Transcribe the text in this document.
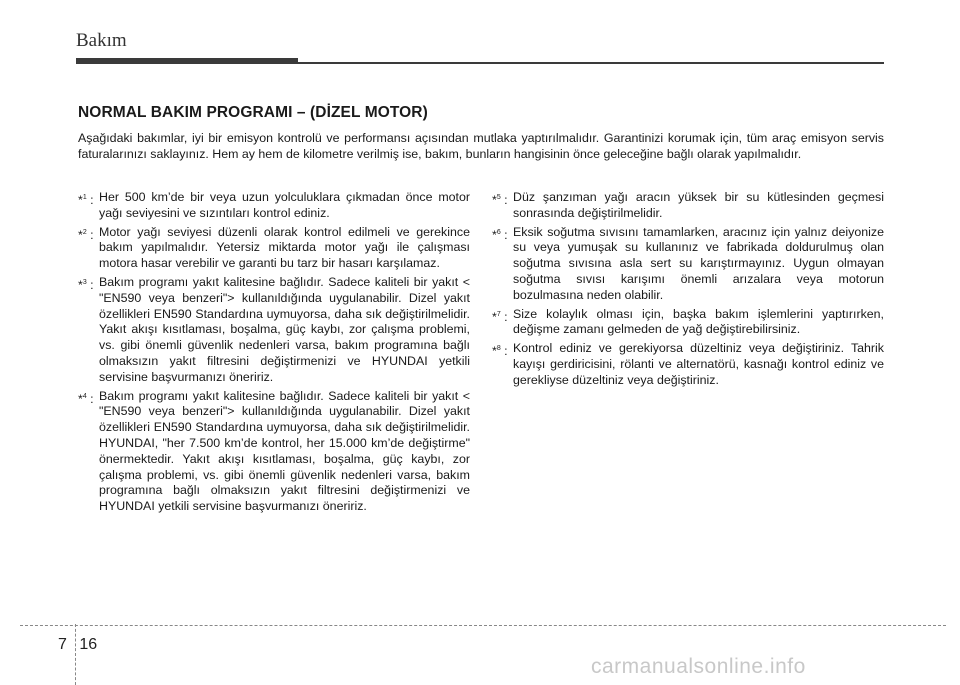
Bakım
NORMAL BAKIM PROGRAMI – (DİZEL MOTOR)
Aşağıdaki bakımlar, iyi bir emisyon kontrolü ve performansı açısından mutlaka yaptırılmalıdır. Garantinizi korumak için, tüm araç emisyon servis faturalarınızı saklayınız. Hem ay hem de kilometre verilmiş ise, bakım, bunların hangisinin önce geleceğine bağlı olarak yapılmalıdır.
*$^1$ : Her 500 km’de bir veya uzun yolculuklara çıkmadan önce motor yağı seviyesini ve sızıntıları kontrol ediniz.
*$^2$ : Motor yağı seviyesi düzenli olarak kontrol edilmeli ve gerekince bakım yapılmalıdır. Yetersiz miktarda motor yağı ile çalışması motora hasar verebilir ve garanti bu tarz bir hasarı karşılamaz.
*$^3$ : Bakım programı yakıt kalitesine bağlıdır. Sadece kaliteli bir yakıt < "EN590 veya benzeri"> kullanıldığında uygulanabilir. Dizel yakıt özellikleri EN590 Standardına uymuyorsa, daha sık değiştirilmelidir. Yakıt akışı kısıtlaması, boşalma, güç kaybı, zor çalışma problemi, vs. gibi önemli güvenlik nedenleri varsa, bakım programına bağlı olmaksızın yakıt filtresini değiştirmenizi ve HYUNDAI yetkili servisine başvurmanızı öneririz.
*$^4$ : Bakım programı yakıt kalitesine bağlıdır. Sadece kaliteli bir yakıt < "EN590 veya benzeri"> kullanıldığında uygulanabilir. Dizel yakıt özellikleri EN590 Standardına uymuyorsa, daha sık değiştirilmelidir. HYUNDAI, "her 7.500 km’de kontrol, her 15.000 km’de değiştirme" önermektedir. Yakıt akışı kısıtlaması, boşalma, güç kaybı, zor çalışma problemi, vs. gibi önemli güvenlik nedenleri varsa, bakım programına bağlı olmaksızın yakıt filtresini değiştirmenizi ve HYUNDAI yetkili servisine başvurmanızı öneririz.
*$^5$ : Düz şanzıman yağı aracın yüksek bir su kütlesinden geçmesi sonrasında değiştirilmelidir.
*$^6$ : Eksik soğutma sıvısını tamamlarken, aracınız için yalnız deiyonize su veya yumuşak su kullanınız ve fabrikada doldurulmuş olan soğutma sıvısına asla sert su karıştırmayınız. Uygun olmayan soğutma sıvısı karışımı önemli arızalara veya motorun bozulmasına neden olabilir.
*$^7$ : Size kolaylık olması için, başka bakım işlemlerini yaptırırken, değişme zamanı gelmeden de yağ değiştirebilirsiniz.
*$^8$ : Kontrol ediniz ve gerekiyorsa düzeltiniz veya değiştiriniz. Tahrik kayışı gerdiricisini, rölanti ve alternatörü, kasnağı kontrol ediniz ve gerekliyse düzeltiniz veya değiştiriniz.
7 16
carmanualsonline.info
